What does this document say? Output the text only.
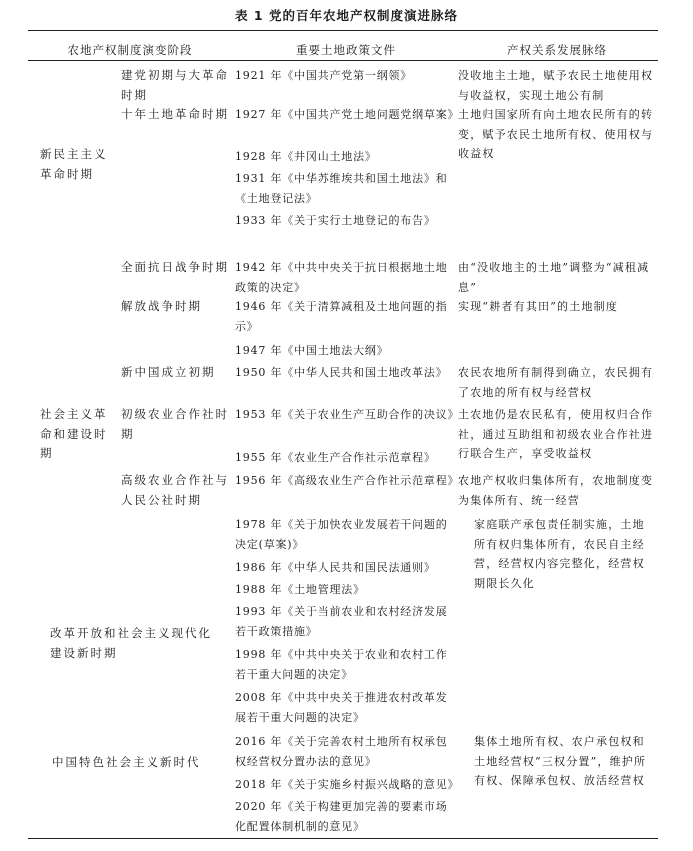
表 1 党的百年农地产权制度演进脉络
农地产权制度演变阶段	重要土地政策文件	产权关系发展脉络
新民主主义革命时期
社会主义革命和建设时期
改革开放和社会主义现代化建设新时期
中国特色社会主义新时代
建党初期与大革命时期
十年土地革命时期
全面抗日战争时期
解放战争时期
新中国成立初期
初级农业合作社时期
高级农业合作社与人民公社时期
1921 年《中国共产党第一纲领》
1927 年《中国共产党土地问题党纲草案》
1928 年《井冈山土地法》
1931 年《中华苏维埃共和国土地法》和《土地登记法》
1933 年《关于实行土地登记的布告》
1942 年《中共中央关于抗日根据地土地政策的决定》
1946 年《关于清算减租及土地问题的指示》
1947 年《中国土地法大纲》
1950 年《中华人民共和国土地改革法》
1953 年《关于农业生产互助合作的决议》
1955 年《农业生产合作社示范章程》
1956 年《高级农业生产合作社示范章程》
1978 年《关于加快农业发展若干问题的决定(草案)》
1986 年《中华人民共和国民法通则》
1988 年《土地管理法》
1993 年《关于当前农业和农村经济发展若干政策措施》
1998 年《中共中央关于农业和农村工作若干重大问题的决定》
2008 年《中共中央关于推进农村改革发展若干重大问题的决定》
2016 年《关于完善农村土地所有权承包权经营权分置办法的意见》
2018 年《关于实施乡村振兴战略的意见》
2020 年《关于构建更加完善的要素市场化配置体制机制的意见》
没收地主土地，赋予农民土地使用权与收益权，实现土地公有制
土地归国家所有向土地农民所有的转变，赋予农民土地所有权、使用权与收益权
由“没收地主的土地”调整为“减租减息”
实现“耕者有其田”的土地制度
农民农地所有制得到确立，农民拥有了农地的所有权与经营权
土农地仍是农民私有，使用权归合作社，通过互助组和初级农业合作社进行联合生产，享受收益权
农地产权收归集体所有，农地制度变为集体所有、统一经营
家庭联产承包责任制实施，土地所有权归集体所有，农民自主经营，经营权内容完整化，经营权期限长久化
集体土地所有权、农户承包权和土地经营权“三权分置”，维护所有权、保障承包权、放活经营权
